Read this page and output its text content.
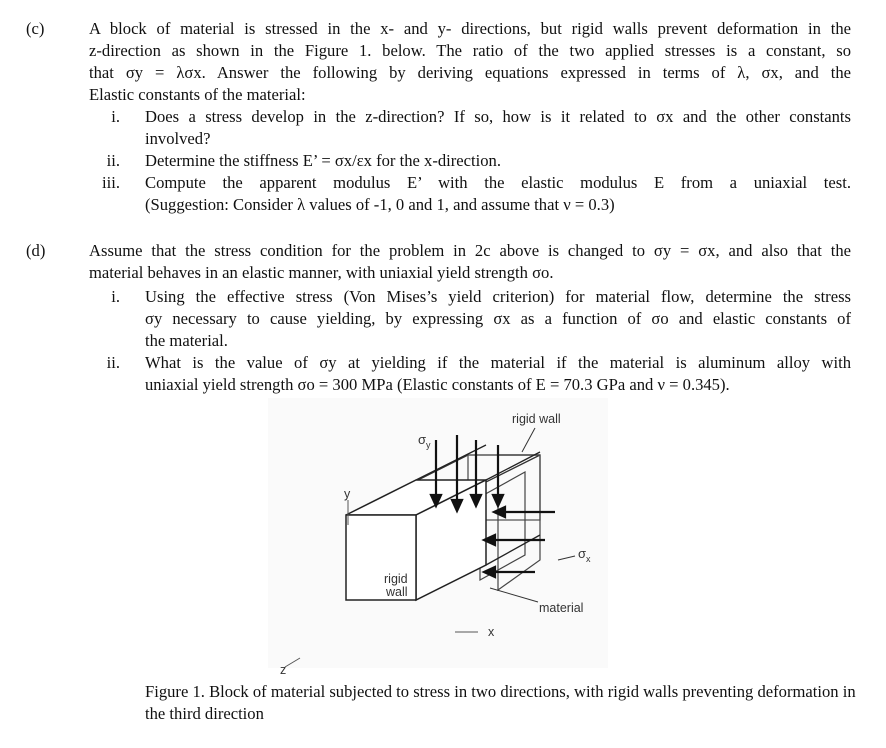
(c)	A block of material is stressed in the x- and y- directions, but rigid walls prevent deformation in the
z-direction as shown in the Figure 1. below. The ratio of the two applied stresses is a constant, so
that σy = λσx. Answer the following by deriving equations expressed in terms of λ, σx, and the
Elastic constants of the material:
i. Does a stress develop in the z-direction? If so, how is it related to σx and the other constants
involved?
ii. Determine the stiffness E’ = σx/εx for the x-direction.
iii. Compute the apparent modulus E’ with the elastic modulus E from a uniaxial test.
(Suggestion: Consider λ values of -1, 0 and 1, and assume that ν = 0.3)
(d)	Assume that the stress condition for the problem in 2c above is changed to σy = σx, and also that the
material behaves in an elastic manner, with uniaxial yield strength σo.
i. Using the effective stress (Von Mises’s yield criterion) for material flow, determine the stress
σy necessary to cause yielding, by expressing σx as a function of σo and elastic constants of
the material.
ii. What is the value of σy at yielding if the material if the material is aluminum alloy with
uniaxial yield strength σo = 300 MPa (Elastic constants of E = 70.3 GPa and ν = 0.345).
rigid wall
$\sigma_y$
$\sigma_x$
y
x
z
rigid
wall
material
Figure 1. Block of material subjected to stress in two directions, with rigid walls preventing deformation in the third direction
